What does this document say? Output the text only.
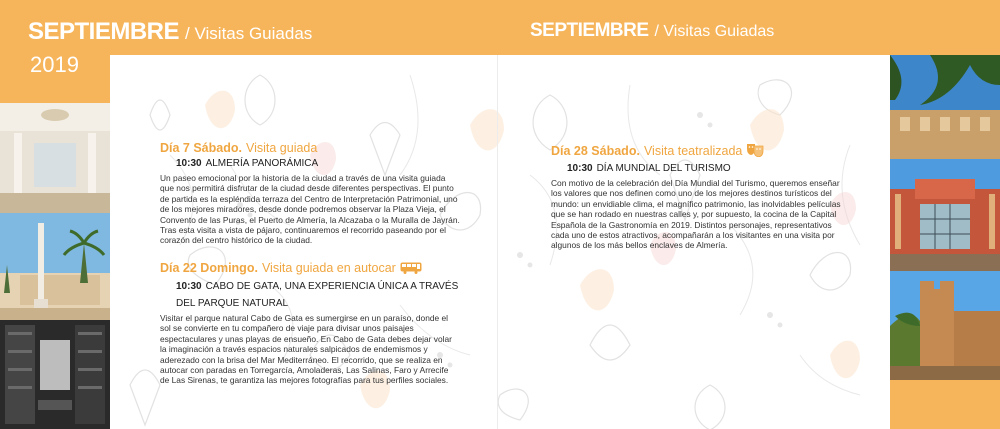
SEPTIEMBRE / Visitas Guiadas
2019
SEPTIEMBRE / Visitas Guiadas
Día 7 Sábado. Visita guiada
10:30 ALMERÍA PANORÁMICA
Un paseo emocional por la historia de la ciudad a través de una visita guiada que nos permitirá disfrutar de la ciudad desde diferentes perspectivas. El punto de partida es la espléndida terraza del Centro de Interpretación Patrimonial, uno de los mejores miradores, desde donde podremos observar la Plaza Vieja, el Convento de las Puras, el Puerto de Almería, la Alcazaba o la Muralla de Jayrán. Tras esta visita a vista de pájaro, continuaremos el recorrido paseando por el corazón del centro histórico de la ciudad.
Día 22 Domingo. Visita guiada en autocar
10:30 CABO DE GATA, UNA EXPERIENCIA ÚNICA A TRAVÉS DEL PARQUE NATURAL
Visitar el parque natural Cabo de Gata es sumergirse en un paraíso, donde el sol se convierte en tu compañero de viaje para divisar unos paisajes espectaculares y unas playas de ensueño. En Cabo de Gata debes dejar volar la imaginación a través espacios naturales salpicados de endemismos y aderezado con la brisa del Mar Mediterráneo. El recorrido, que se realiza en autocar con paradas en Torregarcía, Amoladeras, Las Salinas, Faro y Arrecife de Las Sirenas, te garantiza las mejores fotografías para tus perfiles sociales.
Día 28 Sábado. Visita teatralizada
10:30 DÍA MUNDIAL DEL TURISMO
Con motivo de la celebración del Día Mundial del Turismo, queremos enseñar los valores que nos definen como uno de los mejores destinos turísticos del mundo: un envidiable clima, el magnífico patrimonio, las inolvidables películas que se han rodado en nuestras calles y, por supuesto, la cocina de la Capital Española de la Gastronomía en 2019. Distintos personajes, representativos cada uno de estos atractivos, acompañarán a los visitantes en una visita por algunos de los más bellos enclaves de Almería.
